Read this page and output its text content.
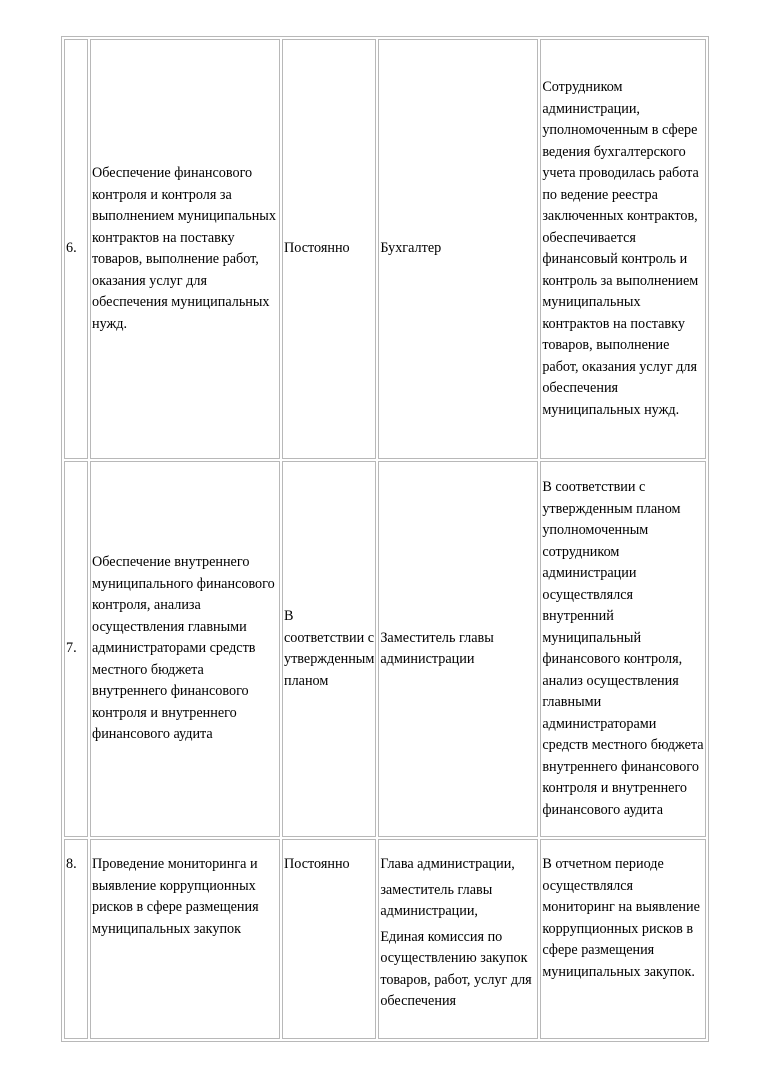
6.	Обеспечение финансового контроля и контроля за выполнением муниципальных контрактов на поставку товаров, выполнение работ, оказания услуг для обеспечения муниципальных нужд.	Постоянно	Бухгалтер	Сотрудником администрации, уполномоченным в сфере ведения бухгалтерского учета проводилась работа по ведение реестра заключенных контрактов, обеспечивается финансовый контроль и контроль за выполнением муниципальных контрактов на поставку товаров, выполнение работ, оказания услуг для обеспечения муниципальных нужд.
7.	Обеспечение внутреннего муниципального финансового контроля, анализа осуществления главными администраторами средств местного бюджета внутреннего финансового контроля и внутреннего финансового аудита	В соответствии с утвержденным планом	Заместитель главы администрации	В соответствии с утвержденным планом уполномоченным сотрудником администрации осуществлялся внутренний муниципальный финансового контроля, анализ осуществления главными администраторами средств местного бюджета внутреннего финансового контроля и внутреннего финансового аудита
8.	Проведение мониторинга и выявление коррупционных рисков в сфере размещения муниципальных закупок	Постоянно	Глава администрации,
заместитель главы администрации,
Единая комиссия по осуществлению закупок товаров, работ, услуг для обеспечения	В отчетном периоде осуществлялся мониторинг на выявление коррупционных рисков в сфере размещения муниципальных закупок.
